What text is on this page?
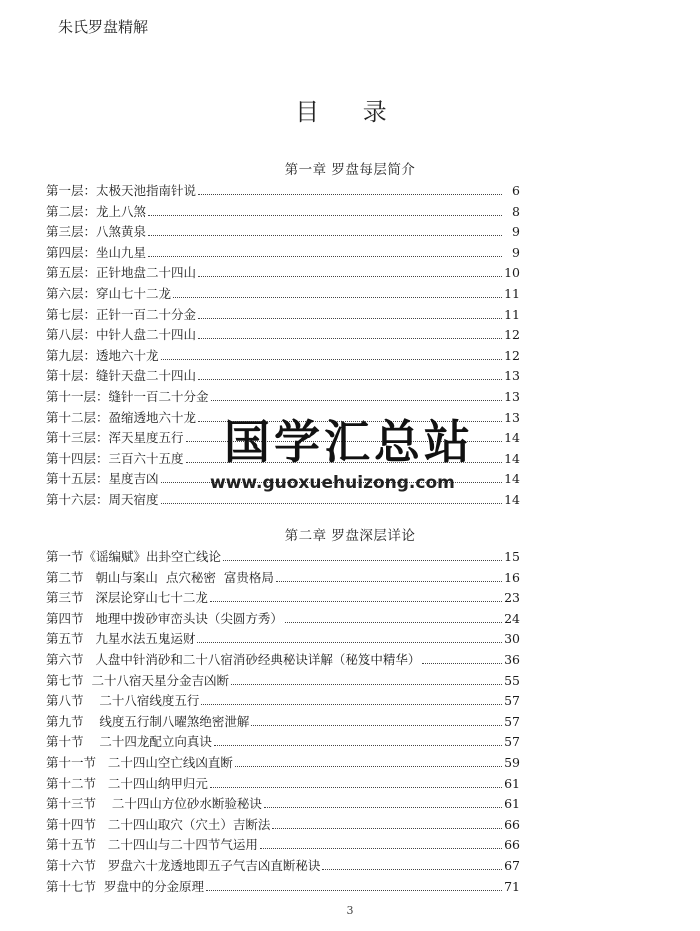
朱氏罗盘精解
目 录
第一章 罗盘每层简介
第一层：太极天池指南针说	6
第二层：龙上八煞	8
第三层：八煞黄泉	9
第四层：坐山九星	9
第五层：正针地盘二十四山	10
第六层：穿山七十二龙	11
第七层：正针一百二十分金	11
第八层：中针人盘二十四山	12
第九层：透地六十龙	12
第十层：缝针天盘二十四山	13
第十一层：缝针一百二十分金	13
第十二层：盈缩透地六十龙	13
第十三层：浑天星度五行	14
第十四层：三百六十五度	14
第十五层：星度吉凶	14
第十六层：周天宿度	14
第二章 罗盘深层详论
第一节《谣编赋》出卦空亡线论	15
第二节   朝山与案山  点穴秘密  富贵格局	16
第三节   深层论穿山七十二龙	23
第四节   地理中拨砂审峦头诀（尖圆方秀）	24
第五节   九星水法五鬼运财	30
第六节   人盘中针消砂和二十八宿消砂经典秘诀详解（秘笈中精华）	36
第七节  二十八宿天星分金吉凶断	55
第八节    二十八宿线度五行	57
第九节    线度五行制八曜煞绝密泄解	57
第十节    二十四龙配立向真诀	57
第十一节   二十四山空亡线凶直断	59
第十二节   二十四山纳甲归元	61
第十三节    二十四山方位砂水断验秘诀	61
第十四节   二十四山取穴（穴土）吉断法	66
第十五节   二十四山与二十四节气运用	66
第十六节   罗盘六十龙透地即五子气吉凶直断秘诀	67
第十七节  罗盘中的分金原理	71
国学汇总站
www.guoxuehuizong.com
3
